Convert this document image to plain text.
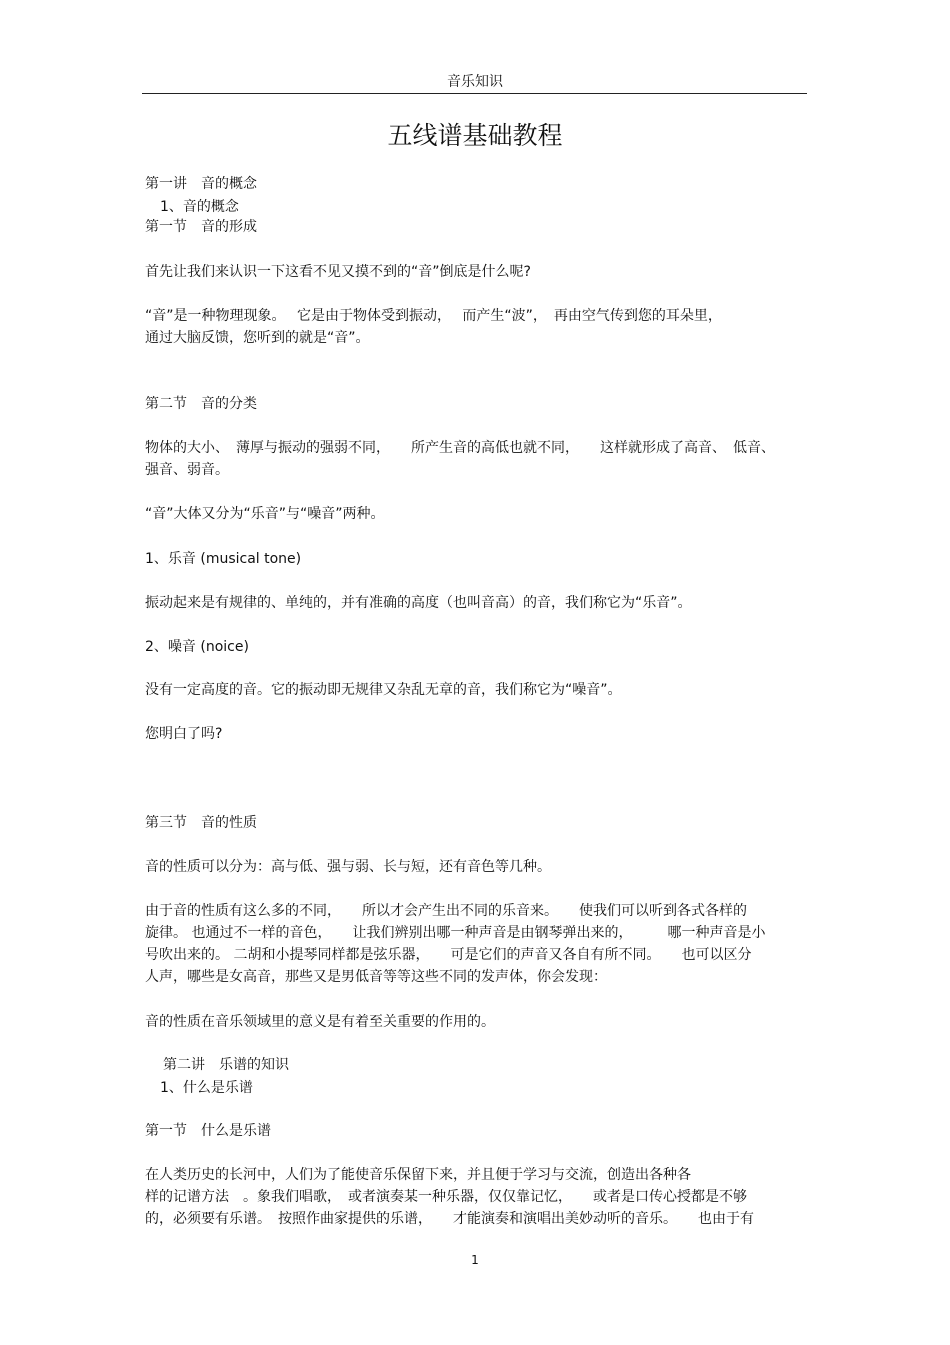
音乐知识
五线谱基础教程
第一讲　音的概念
1、音的概念
第一节　音的形成
首先让我们来认识一下这看不见又摸不到的“音”倒底是什么呢?
“音”是一种物理现象。　 它是由于物体受到振动，　 而产生“波”，　再由空气传到您的耳朵里，
通过大脑反馈，您听到的就是“音”。
第二节　音的分类
物体的大小、　薄厚与振动的强弱不同，　　所产生音的高低也就不同，　　这样就形成了高音、　低音、
强音、弱音。
“音”大体又分为“乐音”与“噪音”两种。
1、乐音 (musical tone)
振动起来是有规律的、单纯的，并有准确的高度（也叫音高）的音，我们称它为“乐音”。
2、噪音 (noice)
没有一定高度的音。它的振动即无规律又杂乱无章的音，我们称它为“噪音”。
您明白了吗?
第三节　音的性质
音的性质可以分为：高与低、强与弱、长与短，还有音色等几种。
由于音的性质有这么多的不同，　　所以才会产生出不同的乐音来。　　使我们可以听到各式各样的
旋律。 也通过不一样的音色，　　让我们辨别出哪一种声音是由钢琴弹出来的，　　　哪一种声音是小
号吹出来的。 二胡和小提琴同样都是弦乐器，　　可是它们的声音又各自有所不同。　　也可以区分
人声，哪些是女高音，那些又是男低音等等这些不同的发声体，你会发现：
音的性质在音乐领域里的意义是有着至关重要的作用的。
第二讲　乐谱的知识
1、什么是乐谱
第一节　什么是乐谱
在人类历史的长河中，人们为了能使音乐保留下来，并且便于学习与交流，创造出各种各
样的记谱方法　。象我们唱歌，　或者演奏某一种乐器，仅仅靠记忆，　　或者是口传心授都是不够
的，必须要有乐谱。　按照作曲家提供的乐谱，　　才能演奏和演唱出美妙动听的音乐。　　也由于有
1
